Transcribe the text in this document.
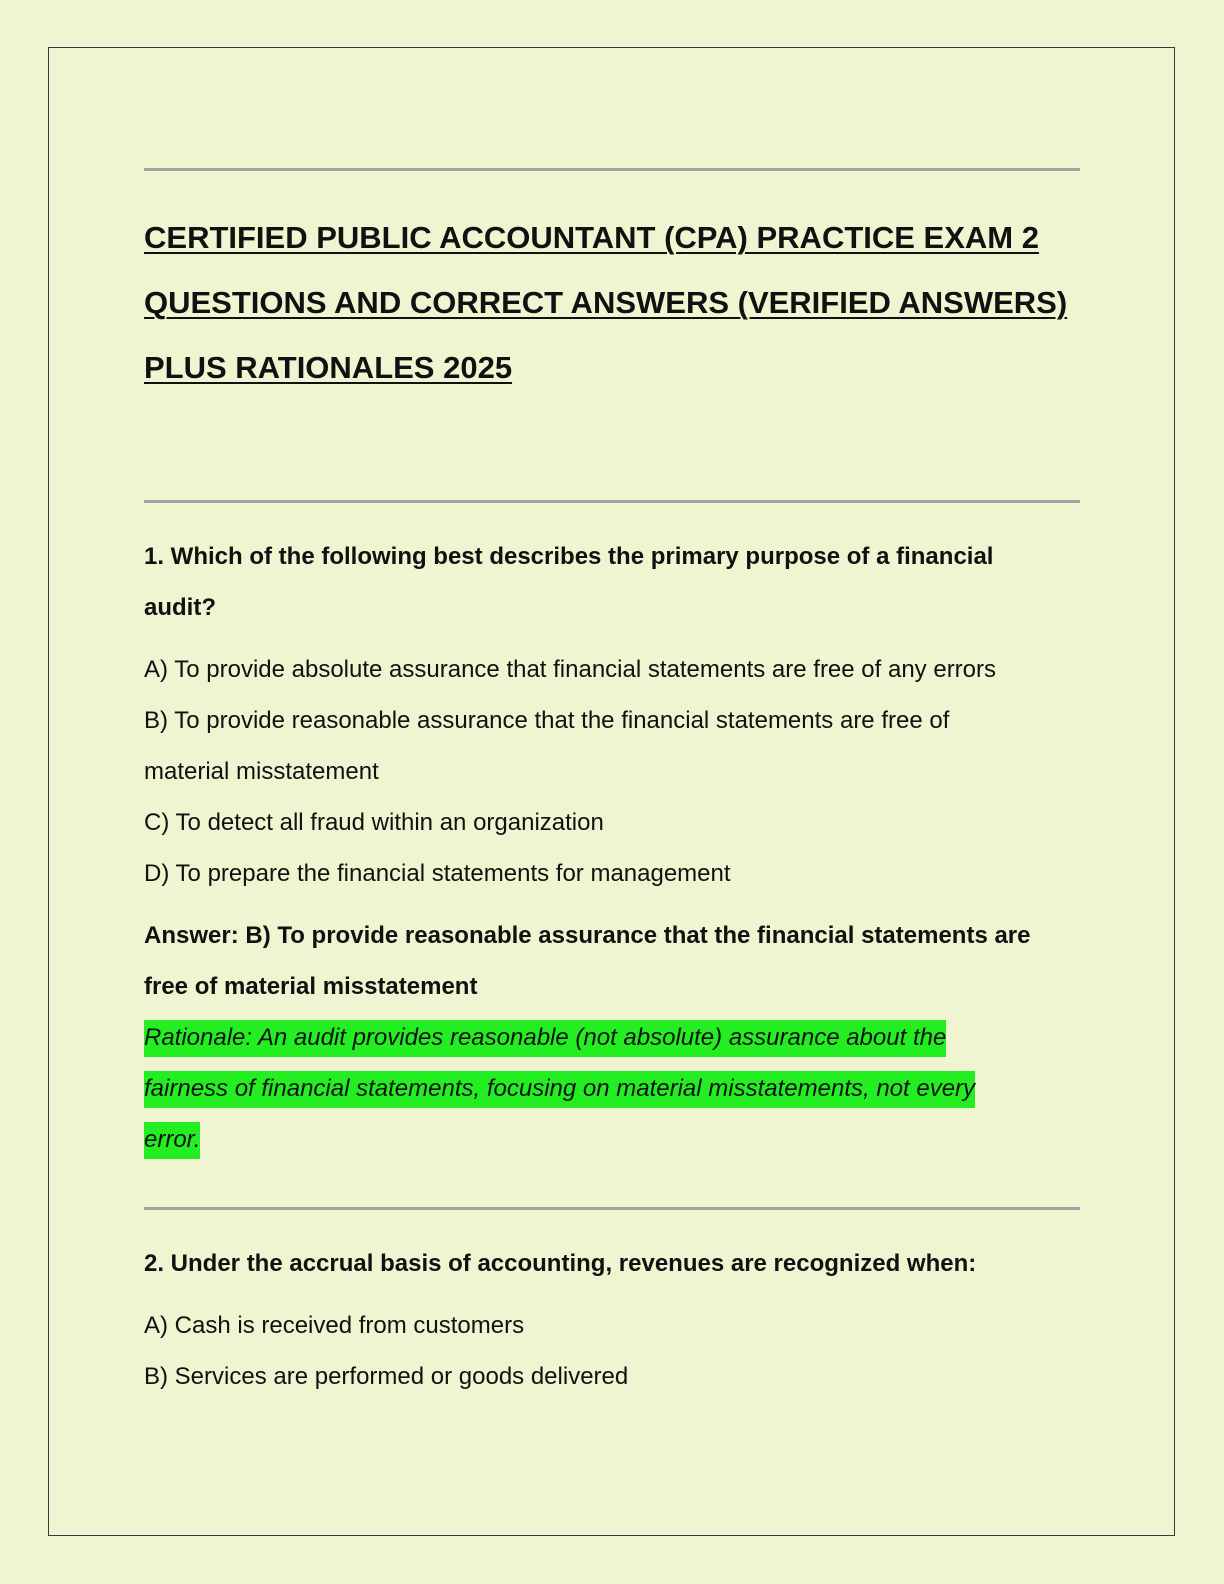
CERTIFIED PUBLIC ACCOUNTANT (CPA) PRACTICE EXAM 2
QUESTIONS AND CORRECT ANSWERS (VERIFIED ANSWERS)
PLUS RATIONALES 2025
1. Which of the following best describes the primary purpose of a financial
audit?
A) To provide absolute assurance that financial statements are free of any errors
B) To provide reasonable assurance that the financial statements are free of
material misstatement
C) To detect all fraud within an organization
D) To prepare the financial statements for management
Answer: B) To provide reasonable assurance that the financial statements are
free of material misstatement
Rationale: An audit provides reasonable (not absolute) assurance about the
fairness of financial statements, focusing on material misstatements, not every
error.
2. Under the accrual basis of accounting, revenues are recognized when:
A) Cash is received from customers
B) Services are performed or goods delivered
